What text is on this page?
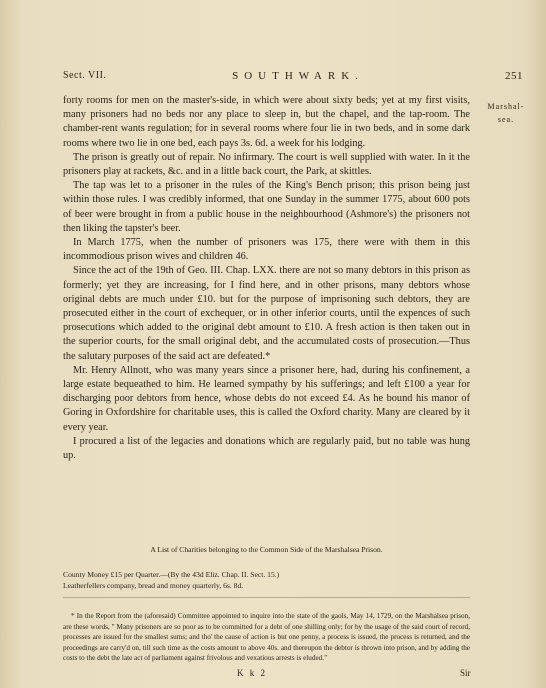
Sect. VII.	SOUTHWARK.	251
Marshal-sea.

forty rooms for men on the master's-side, in which were about sixty beds; yet at my first visits, many prisoners had no beds nor any place to sleep in, but the chapel, and the tap-room. The chamber-rent wants regulation; for in several rooms where four lie in two beds, and in some dark rooms where two lie in one bed, each pays 3s. 6d. a week for his lodging.

The prison is greatly out of repair. No infirmary. The court is well supplied with water. In it the prisoners play at rackets, &c. and in a little back court, the Park, at skittles.

The tap was let to a prisoner in the rules of the King's Bench prison; this prison being just within those rules. I was credibly informed, that one Sunday in the summer 1775, about 600 pots of beer were brought in from a public house in the neighbourhood (Ashmore's) the prisoners not then liking the tapster's beer.

In March 1775, when the number of prisoners was 175, there were with them in this incommodious prison wives and children 46.

Since the act of the 19th of Geo. III. Chap. LXX. there are not so many debtors in this prison as formerly; yet they are increasing, for I find here, and in other prisons, many debtors whose original debts are much under £10. but for the purpose of imprisoning such debtors, they are prosecuted either in the court of exchequer, or in other inferior courts, until the expences of such prosecutions which added to the original debt amount to £10. A fresh action is then taken out in the superior courts, for the small original debt, and the accumulated costs of prosecution.—Thus the salutary purposes of the said act are defeated.*

Mr. Henry Allnott, who was many years since a prisoner here, had, during his confinement, a large estate bequeathed to him. He learned sympathy by his sufferings; and left £100 a year for discharging poor debtors from hence, whose debts do not exceed £4. As he bound his manor of Goring in Oxfordshire for charitable uses, this is called the Oxford charity. Many are cleared by it every year.

I procured a list of the legacies and donations which are regularly paid, but no table was hung up.

A List of Charities belonging to the Common Side of the Marshalsea Prison.
County Money £15 per Quarter.—(By the 43d Eliz. Chap. II. Sect. 15.)
Leatherfellers company, bread and money quarterly, 6s. 8d.

* In the Report from the (aforesaid) Committee appointed to inquire into the state of the gaols, May 14, 1729, on the Marshalsea prison, are these words, " Many prisoners are so poor as to be committed for a debt of one shilling only; for by the usage of the said court of record, processes are issued for the smallest sums; and tho' the cause of action is but one penny, a process is issued, the process is returned, and the proceedings are carry'd on, till such time as the costs amount to above 40s. and thereupon the debtor is thrown into prison, and by adding the costs to the debt the late act of parliament against frivolous and vexatious arrests is eluded."

K k 2	Sir
